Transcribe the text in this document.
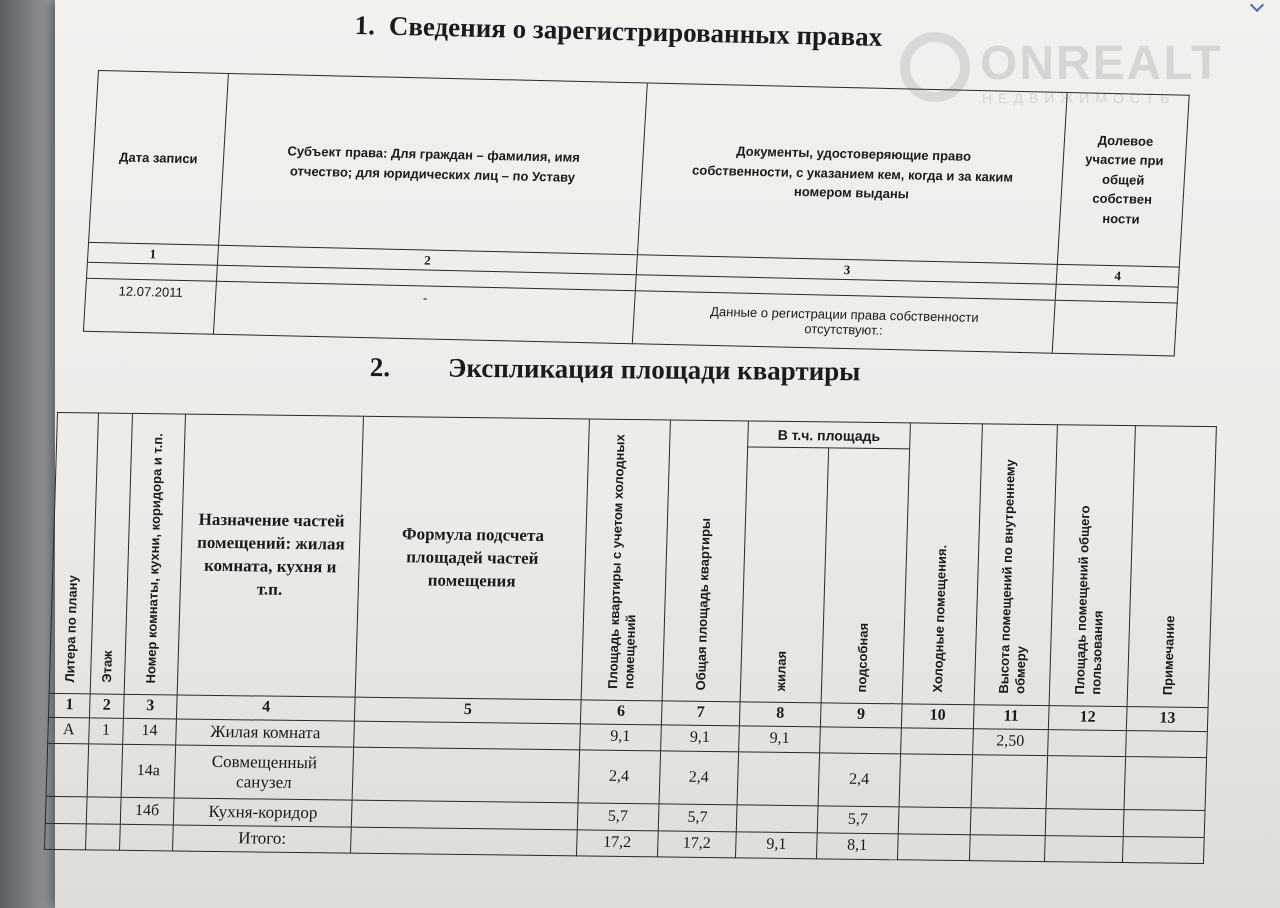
ONREALT
НЕДВИЖИМОСТЬ
1. Сведения о зарегистрированных правах
Дата записи	Субъект права: Для граждан – фамилия, имя отчество; для юридических лиц – по Уставу	Документы, удостоверяющие право собственности, с указанием кем, когда и за каким номером выданы	Долевое участие при общей собствен ности
1	2	3	4

12.07.2011	-	Данные о регистрации права собственности отсутствуют.:	
2. Экспликация площади квартиры
Литера по плану	Этаж	Номер комнаты, кухни, коридора и т.п.	Назначение частей помещений: жилая комната, кухня и т.п.	Формула подсчета площадей частей помещения	Площадь квартиры с учетом холодных помещений	Общая площадь квартиры	В т.ч. площадь		Холодные помещения.	Высота помещений по внутреннему обмеру	Площадь помещений общего пользования	Примечание
							жилая	подсобная				
1	2	3	4	5	6	7	8	9	10	11	12	13
А	1	14	Жилая комната		9,1	9,1	9,1			2,50		
		14а	Совмещенный санузел		2,4	2,4		2,4				
		14б	Кухня-коридор		5,7	5,7		5,7				
			Итого:		17,2	17,2	9,1	8,1				
